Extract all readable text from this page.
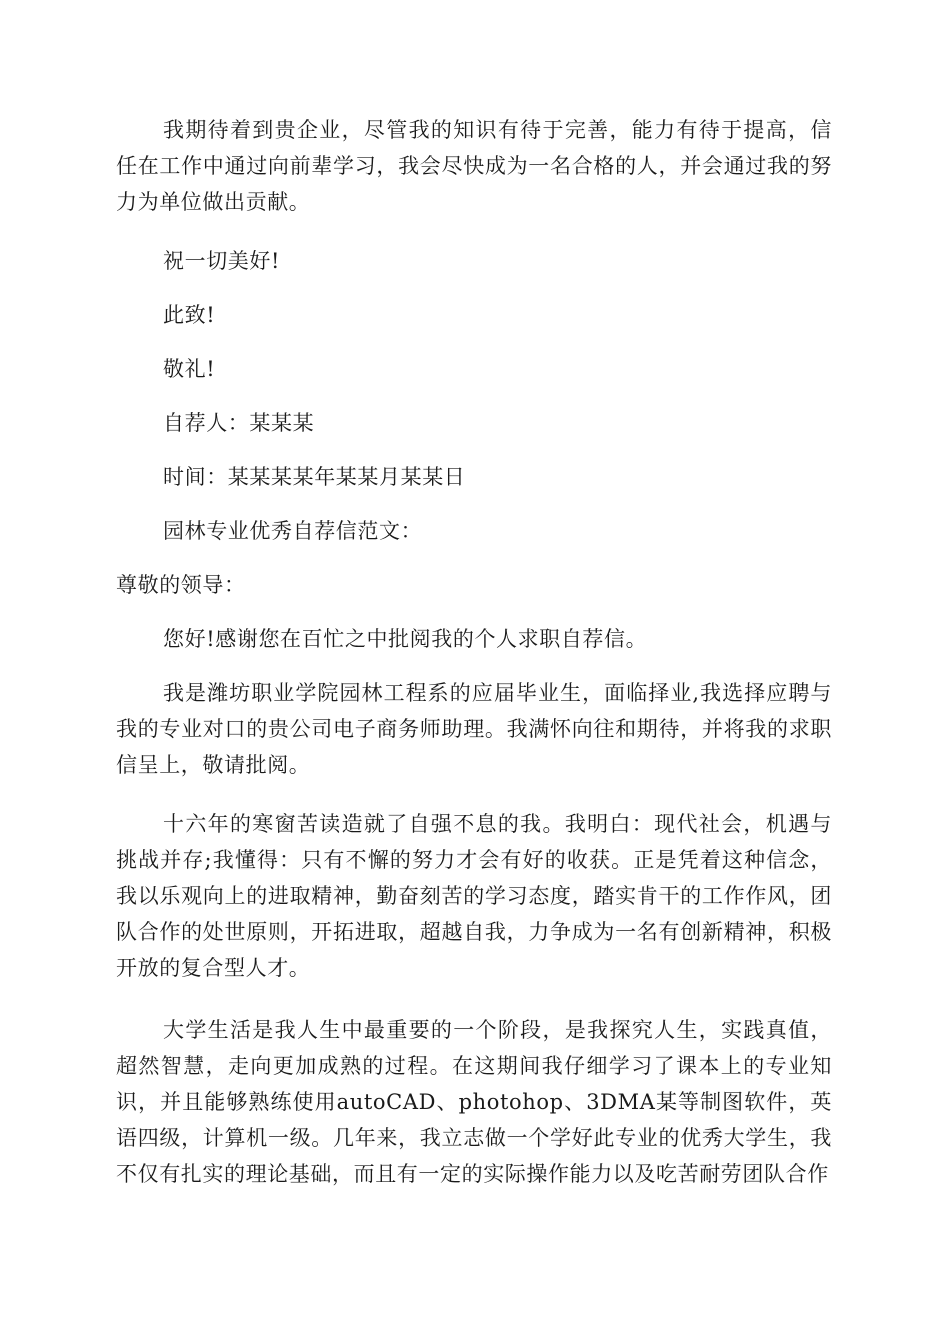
我期待着到贵企业，尽管我的知识有待于完善，能力有待于提高，信任在工作中通过向前辈学习，我会尽快成为一名合格的人，并会通过我的努力为单位做出贡献。

祝一切美好!

此致!

敬礼!

自荐人：某某某

时间：某某某某年某某月某某日

园林专业优秀自荐信范文：

尊敬的领导：

您好!感谢您在百忙之中批阅我的个人求职自荐信。

我是潍坊职业学院园林工程系的应届毕业生，面临择业,我选择应聘与我的专业对口的贵公司电子商务师助理。我满怀向往和期待，并将我的求职信呈上，敬请批阅。

十六年的寒窗苦读造就了自强不息的我。我明白：现代社会，机遇与挑战并存;我懂得：只有不懈的努力才会有好的收获。正是凭着这种信念，我以乐观向上的进取精神，勤奋刻苦的学习态度，踏实肯干的工作作风，团队合作的处世原则，开拓进取，超越自我，力争成为一名有创新精神，积极开放的复合型人才。

大学生活是我人生中最重要的一个阶段，是我探究人生，实践真值，超然智慧，走向更加成熟的过程。在这期间我仔细学习了课本上的专业知识，并且能够熟练使用autoCAD、photohop、3DMA某等制图软件，英语四级，计算机一级。几年来，我立志做一个学好此专业的优秀大学生，我不仅有扎实的理论基础，而且有一定的实际操作能力以及吃苦耐劳团队合作
